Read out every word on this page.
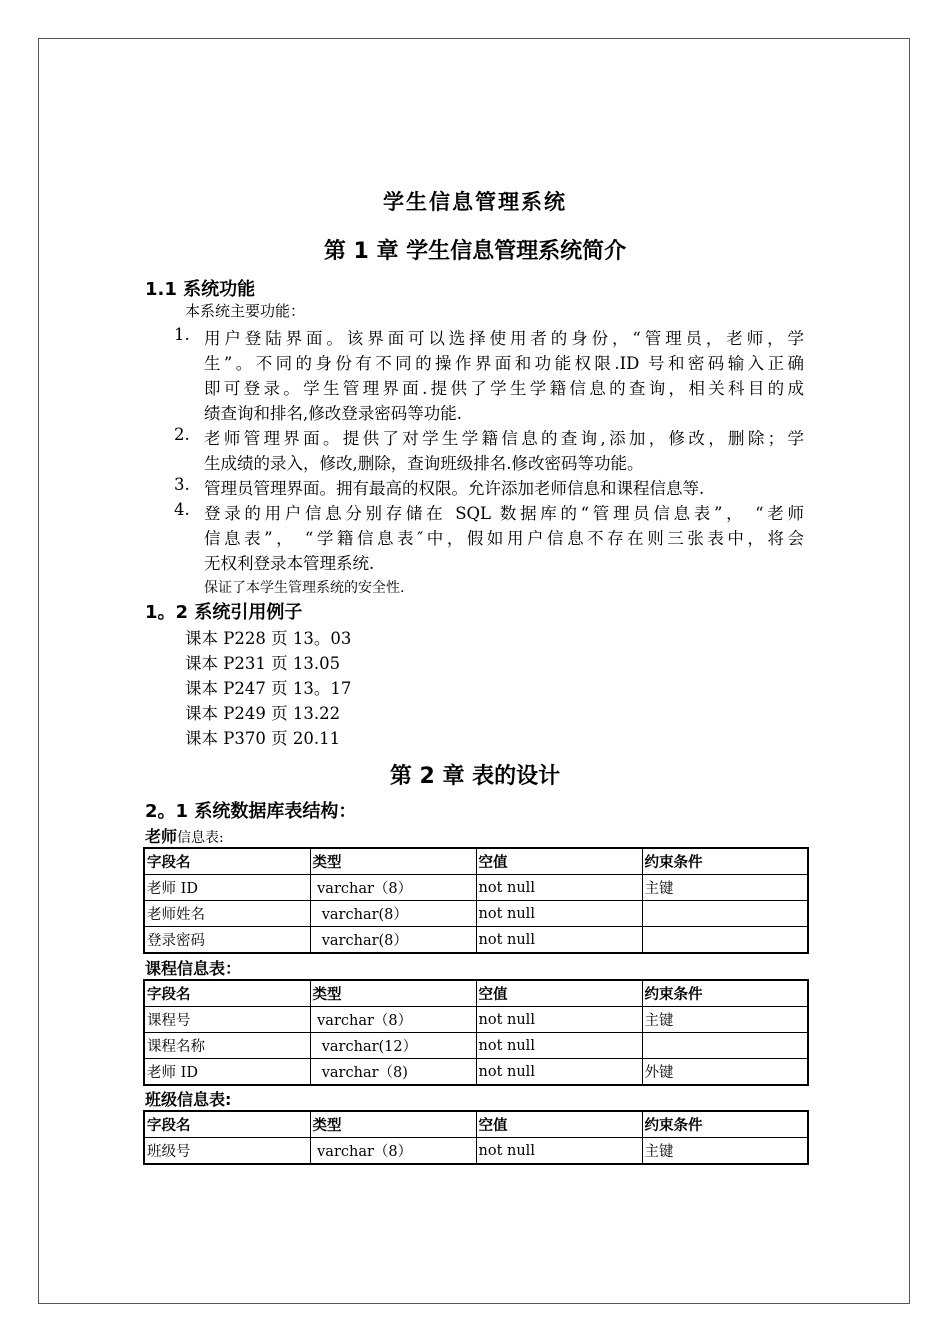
学生信息管理系统
第 1 章 学生信息管理系统简介
1.1 系统功能
本系统主要功能：
1. 用户登陆界面。该界面可以选择使用者的身份，“管理员，老师，学
生”。不同的身份有不同的操作界面和功能权限.ID 号和密码输入正确
即可登录。学生管理界面.提供了学生学籍信息的查询，相关科目的成
绩查询和排名,修改登录密码等功能.
2. 老师管理界面。提供了对学生学籍信息的查询,添加，修改，删除；学
生成绩的录入，修改,删除，查询班级排名.修改密码等功能。
3. 管理员管理界面。拥有最高的权限。允许添加老师信息和课程信息等.
4. 登录的用户信息分别存储在 SQL 数据库的“管理员信息表”， “老师
信息表”， “学籍信息表″中，假如用户信息不存在则三张表中，将会
无权利登录本管理系统.
保证了本学生管理系统的安全性.
1。2 系统引用例子
课本 P228 页 13。03
课本 P231 页 13.05
课本 P247 页 13。17
课本 P249 页 13.22
课本 P370 页 20.11
第 2 章 表的设计
2。1 系统数据库表结构：
老师信息表:
字段名	类型	空值	约束条件
老师 ID	varchar（8）	not null	主键
老师姓名	varchar(8）	not null	
登录密码	varchar(8）	not null	
课程信息表：
字段名	类型	空值	约束条件
课程号	varchar（8）	not null	主键
课程名称	varchar(12）	not null	
老师 ID	varchar（8)	not null	外键
班级信息表:
字段名	类型	空值	约束条件
班级号	varchar（8）	not null	主键
